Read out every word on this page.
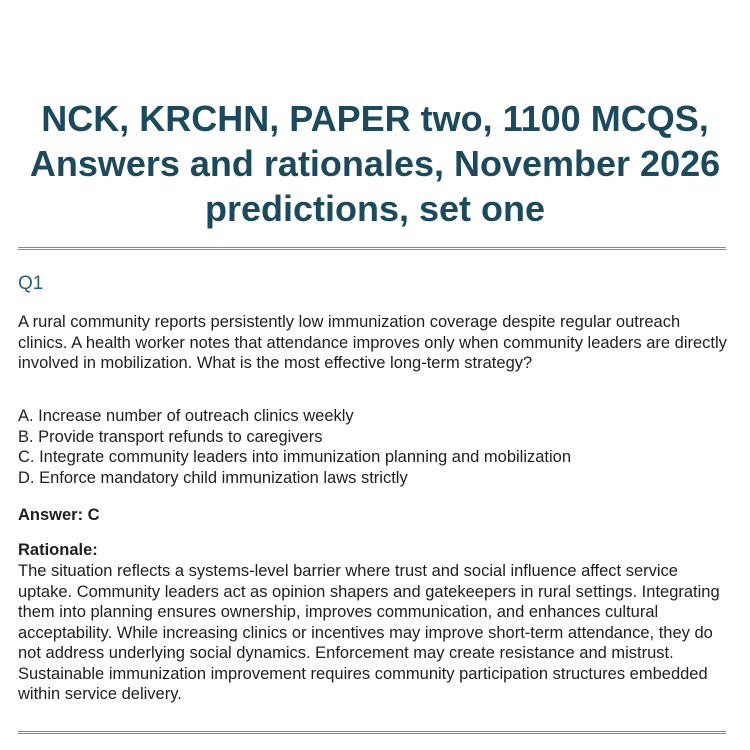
NCK, KRCHN, PAPER two, 1100 MCQS, Answers and rationales, November 2026 predictions, set one
Q1

A rural community reports persistently low immunization coverage despite regular outreach clinics. A health worker notes that attendance improves only when community leaders are directly involved in mobilization. What is the most effective long-term strategy?

A. Increase number of outreach clinics weekly
B. Provide transport refunds to caregivers
C. Integrate community leaders into immunization planning and mobilization
D. Enforce mandatory child immunization laws strictly

Answer: C

Rationale:

The situation reflects a systems-level barrier where trust and social influence affect service uptake. Community leaders act as opinion shapers and gatekeepers in rural settings. Integrating them into planning ensures ownership, improves communication, and enhances cultural acceptability. While increasing clinics or incentives may improve short-term attendance, they do not address underlying social dynamics. Enforcement may create resistance and mistrust. Sustainable immunization improvement requires community participation structures embedded within service delivery.
